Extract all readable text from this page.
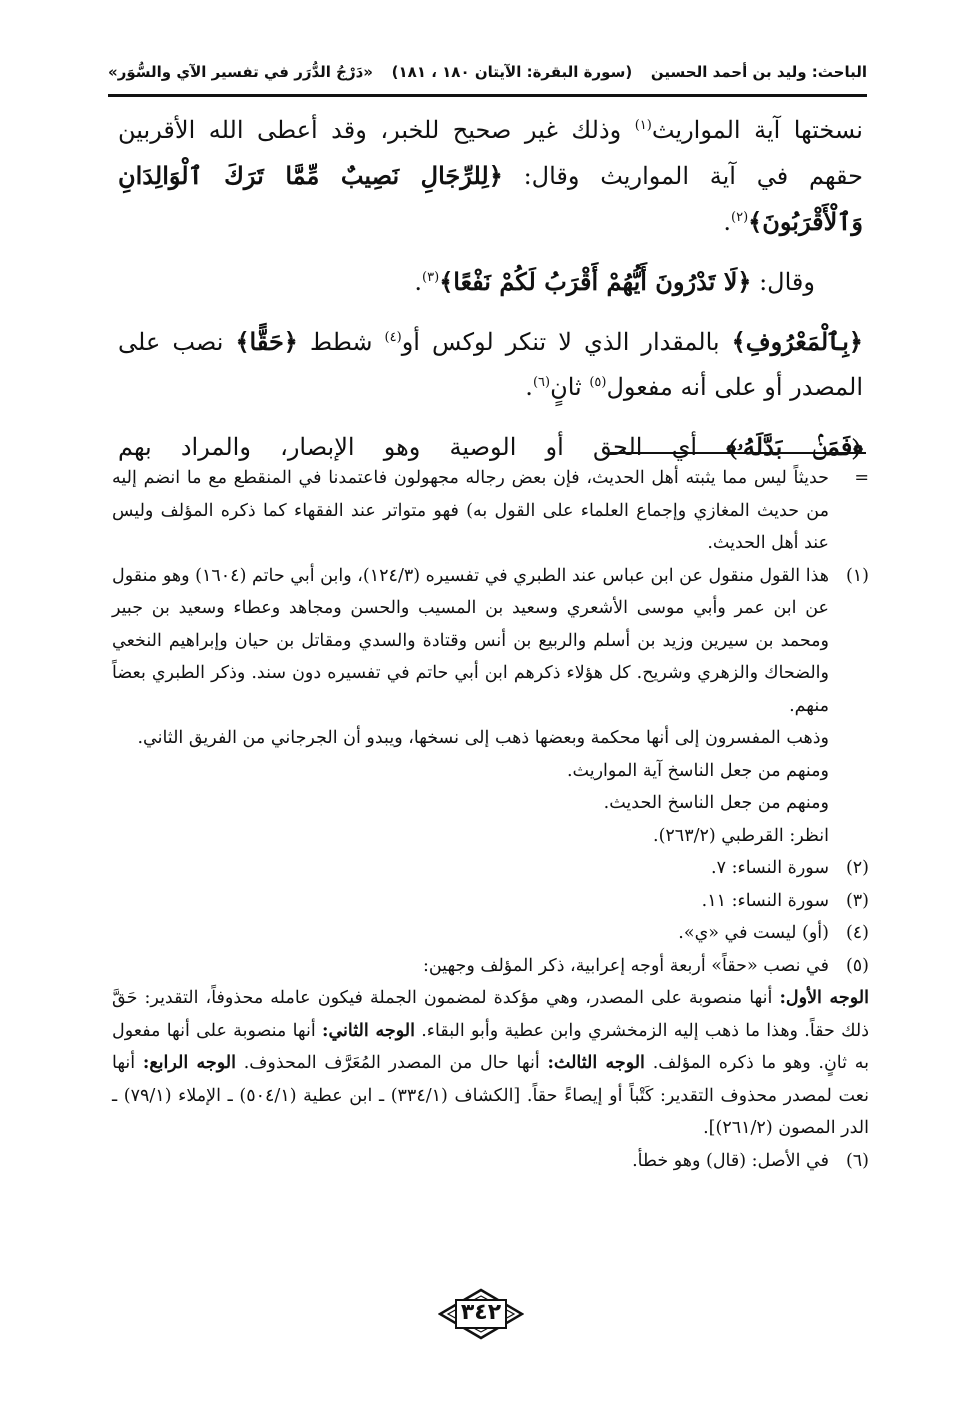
الباحث: وليد بن أحمد الحسين
(سورة البقرة: الآيتان ١٨٠ ، ١٨١)
«دَرْجُ الدُّرَر في تفسير الآي والسُّوَر»

نسختها آية المواريث$^{(١)}$ وذلك غير صحيح للخبر، وقد أعطى الله الأقربين حقهم في آية المواريث وقال: ﴿لِلرِّجَالِ نَصِيبٌ مِّمَّا تَرَكَ ٱلْوَالِدَانِ وَٱلْأَقْرَبُونَ﴾$^{(٢)}$.

وقال: ﴿لَا تَدْرُونَ أَيُّهُمْ أَقْرَبُ لَكُمْ نَفْعًا﴾$^{(٣)}$.

﴿بِٱلْمَعْرُوفِ﴾ بالمقدار الذي لا تنكر لوكس أو$^{(٤)}$ شطط ﴿حَقًّا﴾ نصب على المصدر أو على أنه مفعول$^{(٥)}$ ثانٍ$^{(٦)}$.

﴿فَمَنۢ بَدَّلَهُۥ﴾ أي الحق أو الوصية وهو الإبصار، والمراد بهم

=
حديثاً ليس مما يثبته أهل الحديث، فإن بعض رجاله مجهولون فاعتمدنا في المنقطع مع ما انضم إليه من حديث المغازي وإجماع العلماء على القول به) فهو متواتر عند الفقهاء كما ذكره المؤلف وليس عند أهل الحديث.
(١)
هذا القول منقول عن ابن عباس عند الطبري في تفسيره (١٢٤/٣)، وابن أبي حاتم (١٦٠٤) وهو منقول عن ابن عمر وأبي موسى الأشعري وسعيد بن المسيب والحسن ومجاهد وعطاء وسعيد بن جبير ومحمد بن سيرين وزيد بن أسلم والربيع بن أنس وقتادة والسدي ومقاتل بن حيان وإبراهيم النخعي والضحاك والزهري وشريح. كل هؤلاء ذكرهم ابن أبي حاتم في تفسيره دون سند. وذكر الطبري بعضاً منهم.
وذهب المفسرون إلى أنها محكمة وبعضها ذهب إلى نسخها، ويبدو أن الجرجاني من الفريق الثاني.
ومنهم من جعل الناسخ آية المواريث.
ومنهم من جعل الناسخ الحديث.
انظر: القرطبي (٢٦٣/٢).
(٢)
سورة النساء: ٧.
(٣)
سورة النساء: ١١.
(٤)
(أو) ليست في «ي».
(٥)
في نصب «حقاً» أربعة أوجه إعرابية، ذكر المؤلف وجهين:
الوجه الأول: أنها منصوبة على المصدر، وهي مؤكدة لمضمون الجملة فيكون عامله محذوفاً، التقدير: حَقَّ ذلك حقاً. وهذا ما ذهب إليه الزمخشري وابن عطية وأبو البقاء. الوجه الثاني: أنها منصوبة على أنها مفعول به ثانٍ. وهو ما ذكره المؤلف. الوجه الثالث: أنها حال من المصدر المُعَرَّف المحذوف. الوجه الرابع: أنها نعت لمصدر محذوف التقدير: كَتْباً أو إيصاءً حقاً. [الكشاف (٣٣٤/١) ـ ابن عطية (٥٠٤/١) ـ الإملاء (٧٩/١) ـ الدر المصون (٢٦١/٢)].
(٦)
في الأصل: (قال) وهو خطأ.
٣٤٢
